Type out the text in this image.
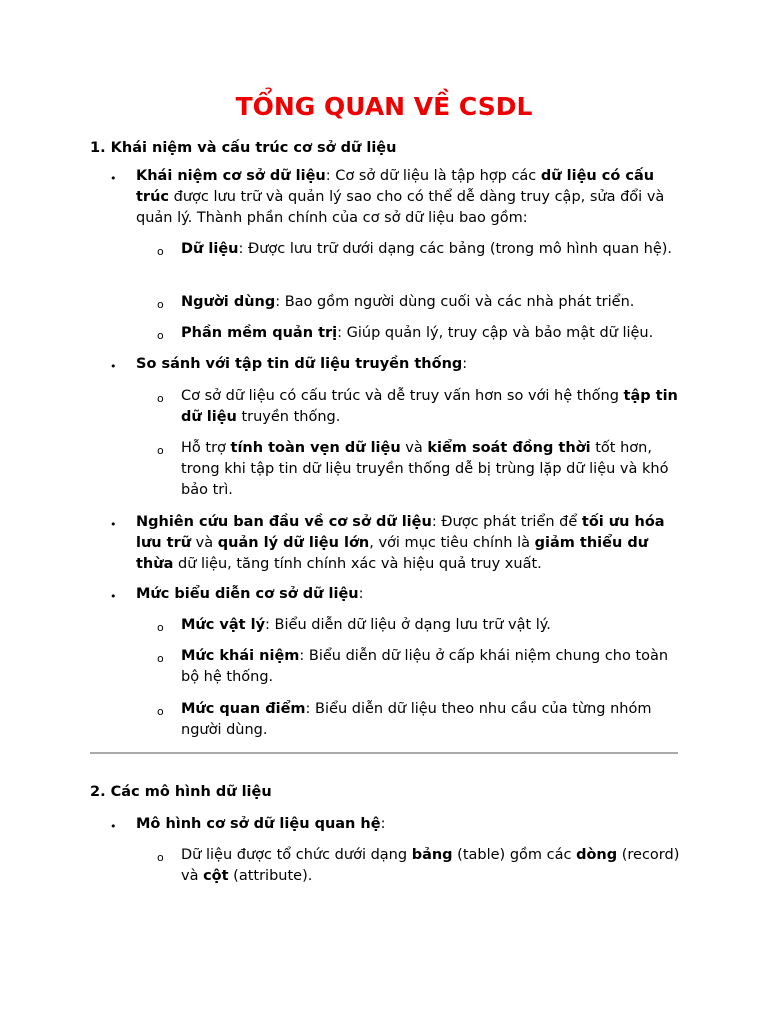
TỔNG QUAN VỀ CSDL

1. Khái niệm và cấu trúc cơ sở dữ liệu

• Khái niệm cơ sở dữ liệu: Cơ sở dữ liệu là tập hợp các dữ liệu có cấu trúc được lưu trữ và quản lý sao cho có thể dễ dàng truy cập, sửa đổi và quản lý. Thành phần chính của cơ sở dữ liệu bao gồm:
o Dữ liệu: Được lưu trữ dưới dạng các bảng (trong mô hình quan hệ).
o Người dùng: Bao gồm người dùng cuối và các nhà phát triển.
o Phần mềm quản trị: Giúp quản lý, truy cập và bảo mật dữ liệu.
• So sánh với tập tin dữ liệu truyền thống:
o Cơ sở dữ liệu có cấu trúc và dễ truy vấn hơn so với hệ thống tập tin dữ liệu truyền thống.
o Hỗ trợ tính toàn vẹn dữ liệu và kiểm soát đồng thời tốt hơn, trong khi tập tin dữ liệu truyền thống dễ bị trùng lặp dữ liệu và khó bảo trì.
• Nghiên cứu ban đầu về cơ sở dữ liệu: Được phát triển để tối ưu hóa lưu trữ và quản lý dữ liệu lớn, với mục tiêu chính là giảm thiểu dư thừa dữ liệu, tăng tính chính xác và hiệu quả truy xuất.
• Mức biểu diễn cơ sở dữ liệu:
o Mức vật lý: Biểu diễn dữ liệu ở dạng lưu trữ vật lý.
o Mức khái niệm: Biểu diễn dữ liệu ở cấp khái niệm chung cho toàn bộ hệ thống.
o Mức quan điểm: Biểu diễn dữ liệu theo nhu cầu của từng nhóm người dùng.

2. Các mô hình dữ liệu

• Mô hình cơ sở dữ liệu quan hệ:
o Dữ liệu được tổ chức dưới dạng bảng (table) gồm các dòng (record) và cột (attribute).
